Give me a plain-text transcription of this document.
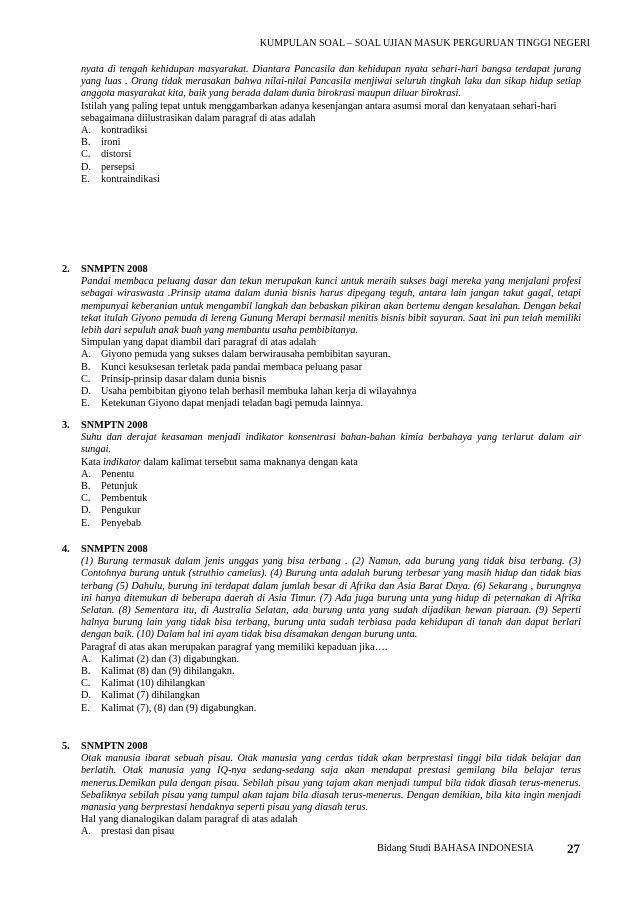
KUMPULAN SOAL – SOAL UJIAN MASUK PERGURUAN TINGGI NEGERI

nyata di tengah kehidupan masyarakat. Diantara Pancasila dan kehidupan nyata sehari-hari bangsa terdapat jurang yang luas . Orang tidak merasakan bahwa nilai-nilai Pancasila menjiwai seluruh tingkah laku dan sikap hidup setiap anggota masyarakat kita, baik yang berada dalam dunia birokrasi maupun diluar birokrasi.

Istilah yang paling tepat untuk menggambarkan adanya kesenjangan antara asumsi moral dan kenyataan sehari-hari sebagaimana diilustrasikan dalam paragraf di atas adalah

A. kontradiksi
B. ironi
C. distorsi
D. persepsi
E. kontraindikasi
2. SNMPTN 2008

Pandai membaca peluang dasar dan tekun merupakan kunci untuk meraih sukses bagi mereka yang menjalani profesi sebagai wiraswasta .Prinsip utama dalam dunia bisnis harus dipegang teguh, antara lain jangan takut gagal, tetapi mempunyai keberanian untuk mengambil langkah dan bebaskan pikiran akan bertemu dengan kesalahan. Dengan bekal tekat itulah Giyono pemuda di lereng Gunung Merapi bermasil menitis bisnis bibit sayuran. Saat ini pun telah memiliki lebih dari sepuluh anak buah yang membantu usaha pembibitanya.

Simpulan yang dapat diambil dari paragraf di atas adalah

A. Giyono pemuda yang sukses dalam berwirausaha pembibitan sayuran.
B. Kunci kesuksesan terletak pada pandai membaca peluang pasar
C. Prinsip-prinsip dasar dalam dunia bisnis
D. Usaha pembibitan giyono telah berhasil membuka lahan kerja di wilayahnya
E. Ketekunan Giyono dapat menjadi teladan bagi pemuda lainnya.
3. SNMPTN 2008

Suhu dan derajat keasaman menjadi indikator konsentrasi bahan-bahan kimia berbahaya yang terlarut dalam air sungai.

Kata indikator dalam kalimat tersebut sama maknanya dengan kata

A. Penentu
B. Petunjuk
C. Pembentuk
D. Pengukur
E. Penyebab
4. SNMPTN 2008

(1) Burung termasuk dalam jenis unggas yang bisa terbang . (2) Namun, ada burung yang tidak bisa terbang. (3) Contohnya burung untuk (struthio camelus). (4) Burung unta adalah burung terbesar yang masih hidup dan tidak bias terbang (5) Dahulu, burung ini terdapat dalam jumlah besar di Afrika dan Asia Barat Daya. (6) Sekarang , burungnya ini hanya ditemukan di beberapa daerah di Asia Timur. (7) Ada juga burung unta yang hidup di peternakan di Afrika Selatan. (8) Sementara itu, di Australia Selatan, ada burung unta yang sudah dijadikan hewan piaraan. (9) Seperti halnya burung lain yang tidak bisa terbang, burung unta sudah terbiasa pada kehidupan di tanah dan dapat berlari dengan baik. (10) Dalam hal ini ayam tidak bisa disamakan dengan burung unta.

Paragraf di atas akan merupakan paragraf yang memiliki kepaduan jika….

A. Kalimat (2) dan (3) digabungkan.
B. Kalimat (8) dan (9) dihilangakn.
C. Kalimat (10) dihilangkan
D. Kalimat (7) dihilangkan
E. Kalimat (7), (8) dan (9) digabungkan.
5. SNMPTN 2008

Otak manusia ibarat sebuah pisau. Otak manusia yang cerdas tidak akan berprestasi tinggi bila tidak belajar dan berlatih. Otak manusia yang IQ-nya sedang-sedang saja akan mendapat prestasi gemilang bila belajar terus menerus.Demikan pula dengan pisau. Sebilah pisau yang tajam akan menjadi tumpul bila tidak diasah terus-menerus. Sebaliknya sebilah pisau yang tumpul akan tajam bila diasah terus-menerus. Dengan demikian, bila kita ingin menjadi manusia yang berprestasi hendaknya seperti pisau yang diasah terus.

Hal yang dianalogikan dalam paragraf di atas adalah

A. prestasi dan pisau
Bidang Studi BAHASA INDONESIA	27
